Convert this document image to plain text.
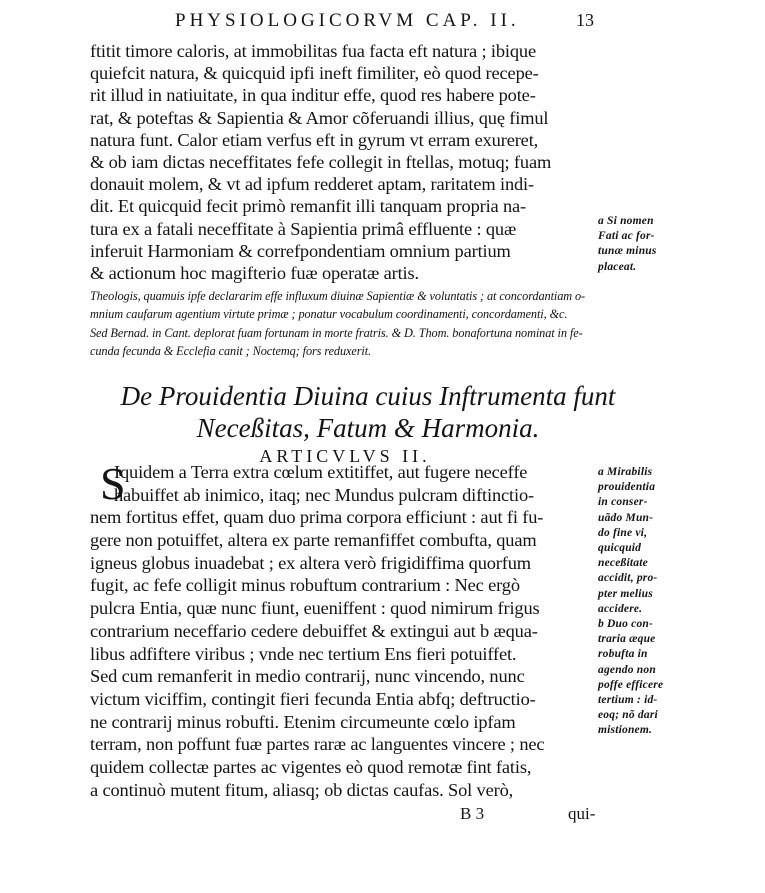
PHYSIOLOGICORVM CAP. II.	13
ftitit timore caloris, at immobilitas fua facta eft natura ; ibique
quiefcit natura, & quicquid ipfi ineft fimiliter, eò quod recepe-
rit illud in natiuitate, in qua inditur effe, quod res habere pote-
rat, & poteftas & Sapientia & Amor cõferuandi illius, quę fimul
natura funt. Calor etiam verfus eft in gyrum vt erram exureret,
& ob iam dictas neceffitates fefe collegit in ftellas, motuq; fuam
donauit molem, & vt ad ipfum redderet aptam, raritatem indi-
dit. Et quicquid fecit primò remanfit illi tanquam propria na-
tura ex a fatali neceffitate à Sapientia primâ effluente : quæ
inferuit Harmoniam & correfpondentiam omnium partium
& actionum hoc magifterio fuæ operatæ artis.
a Si nomen
Fati ac for-
tunæ minus
placeat.
Theologis, quamuis ipfe declararim effe influxum diuinæ Sapientiæ & voluntatis ; at concordantiam o-
mnium caufarum agentium virtute primæ ; ponatur vocabulum coordinamenti, concordamenti, &c.
Sed Bernad. in Cant. deplorat fuam fortunam in morte fratris. & D. Thom. bonafortuna nominat in fe-
cunda fecunda & Ecclefia canit ; Noctemq; fors reduxerit.
De Prouidentia Diuina cuius Inftrumenta funt
Neceßitas, Fatum & Harmonia.
ARTICVLVS II.
S
Iquidem a Terra extra cœlum extitiffet, aut fugere neceffe
habuiffet ab inimico, itaq; nec Mundus pulcram diftinctio-
nem fortitus effet, quam duo prima corpora efficiunt : aut fi fu-
gere non potuiffet, altera ex parte remanfiffet combufta, quam
igneus globus inuadebat ; ex altera verò frigidiffima quorfum
fugit, ac fefe colligit minus robuftum contrarium : Nec ergò
pulcra Entia, quæ nunc fiunt, eueniffent : quod nimirum frigus
contrarium neceffario cedere debuiffet & extingui aut b æqua-
libus adfiftere viribus ; vnde nec tertium Ens fieri potuiffet.
Sed cum remanferit in medio contrarij, nunc vincendo, nunc
victum viciffim, contingit fieri fecunda Entia abfq; deftructio-
ne contrarij minus robufti. Etenim circumeunte cœlo ipfam
terram, non poffunt fuæ partes raræ ac languentes vincere ; nec
quidem collectæ partes ac vigentes eò quod remotæ fint fatis,
a continuò mutent fitum, aliasq; ob dictas caufas. Sol verò,
a Mirabilis
prouidentia
in conser-
uãdo Mun-
do fine vi,
quicquid
neceßitate
accidit, pro-
pter melius
accidere.
b Duo con-
traria æque
robufta in
agendo non
poffe efficere
tertium : id-
eoq; nõ dari
mistionem.
B 3	qui-
